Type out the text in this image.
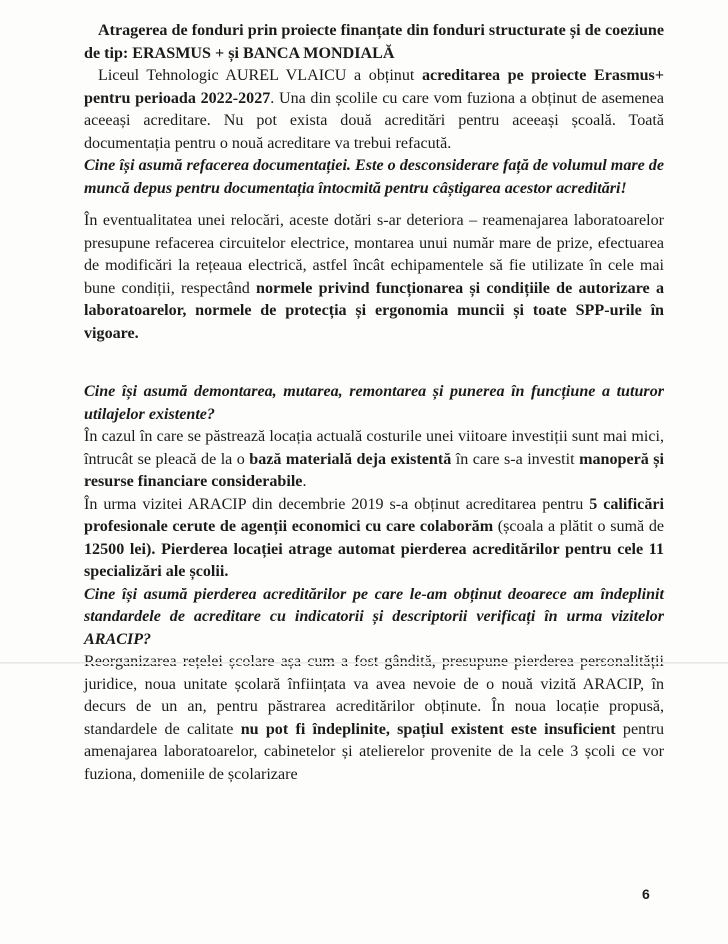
Atragerea de fonduri prin proiecte finanțate din fonduri structurate și de coeziune de tip: ERASMUS + și BANCA MONDIALĂ

Liceul Tehnologic AUREL VLAICU a obținut acreditarea pe proiecte Erasmus+ pentru perioada 2022-2027. Una din școlile cu care vom fuziona a obținut de asemenea aceeași acreditare. Nu pot exista două acreditări pentru aceeași școală. Toată documentația pentru o nouă acreditare va trebui refacută.

Cine își asumă refacerea documentației. Este o desconsiderare față de volumul mare de muncă depus pentru documentația întocmită pentru câștigarea acestor acreditări!

În eventualitatea unei relocări, aceste dotări s-ar deteriora – reamenajarea laboratoarelor presupune refacerea circuitelor electrice, montarea unui număr mare de prize, efectuarea de modificări la rețeaua electrică, astfel încât echipamentele să fie utilizate în cele mai bune condiții, respectând normele privind funcționarea și condițiile de autorizare a laboratoarelor, normele de protecția și ergonomia muncii și toate SPP-urile în vigoare.

Cine își asumă demontarea, mutarea, remontarea și punerea în funcțiune a tuturor utilajelor existente?

În cazul în care se păstrează locația actuală costurile unei viitoare investiții sunt mai mici, întrucât se pleacă de la o bază materială deja existentă în care s-a investit manoperă și resurse financiare considerabile.

În urma vizitei ARACIP din decembrie 2019 s-a obținut acreditarea pentru 5 calificări profesionale cerute de agenții economici cu care colaborăm (școala a plătit o sumă de 12500 lei). Pierderea locației atrage automat pierderea acreditărilor pentru cele 11 specializări ale școlii.

Cine își asumă pierderea acreditărilor pe care le-am obținut deoarece am îndeplinit standardele de acreditare cu indicatorii și descriptorii verificați în urma vizitelor ARACIP?

juridice, noua unitate școlară înființata va avea nevoie de o nouă vizită ARACIP, în decurs de un an, pentru păstrarea acreditărilor obținute. În noua locație propusă, standardele de calitate nu pot fi îndeplinite, spațiul existent este insuficient pentru amenajarea laboratoarelor, cabinetelor și atelierelor provenite de la cele 3 școli ce vor fuziona, domeniile de școlarizare

6
